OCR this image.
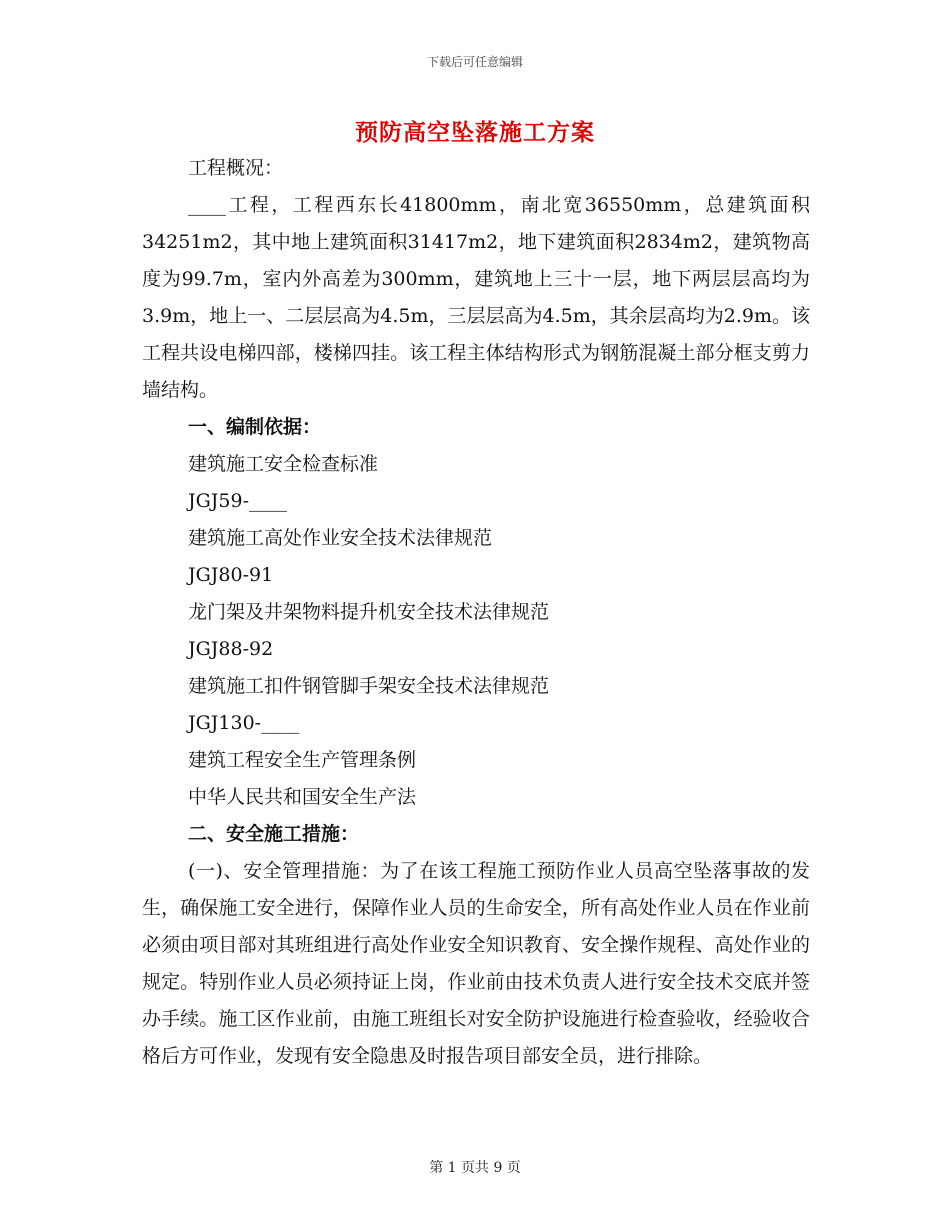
下载后可任意编辑
预防高空坠落施工方案

工程概况：

____工程，工程西东长41800mm，南北宽36550mm，总建筑面积34251m2，其中地上建筑面积31417m2，地下建筑面积2834m2，建筑物高度为99.7m，室内外高差为300mm，建筑地上三十一层，地下两层层高均为3.9m，地上一、二层层高为4.5m，三层层高为4.5m，其余层高均为2.9m。该工程共设电梯四部，楼梯四挂。该工程主体结构形式为钢筋混凝土部分框支剪力墙结构。

一、编制依据：

建筑施工安全检查标准

JGJ59-____

建筑施工高处作业安全技术法律规范

JGJ80-91

龙门架及井架物料提升机安全技术法律规范

JGJ88-92

建筑施工扣件钢管脚手架安全技术法律规范

JGJ130-____

建筑工程安全生产管理条例

中华人民共和国安全生产法

二、安全施工措施：

(一)、安全管理措施：为了在该工程施工预防作业人员高空坠落事故的发生，确保施工安全进行，保障作业人员的生命安全，所有高处作业人员在作业前必须由项目部对其班组进行高处作业安全知识教育、安全操作规程、高处作业的规定。特别作业人员必须持证上岗，作业前由技术负责人进行安全技术交底并签办手续。施工区作业前，由施工班组长对安全防护设施进行检查验收，经验收合格后方可作业，发现有安全隐患及时报告项目部安全员，进行排除。

第 1 页共 9 页
